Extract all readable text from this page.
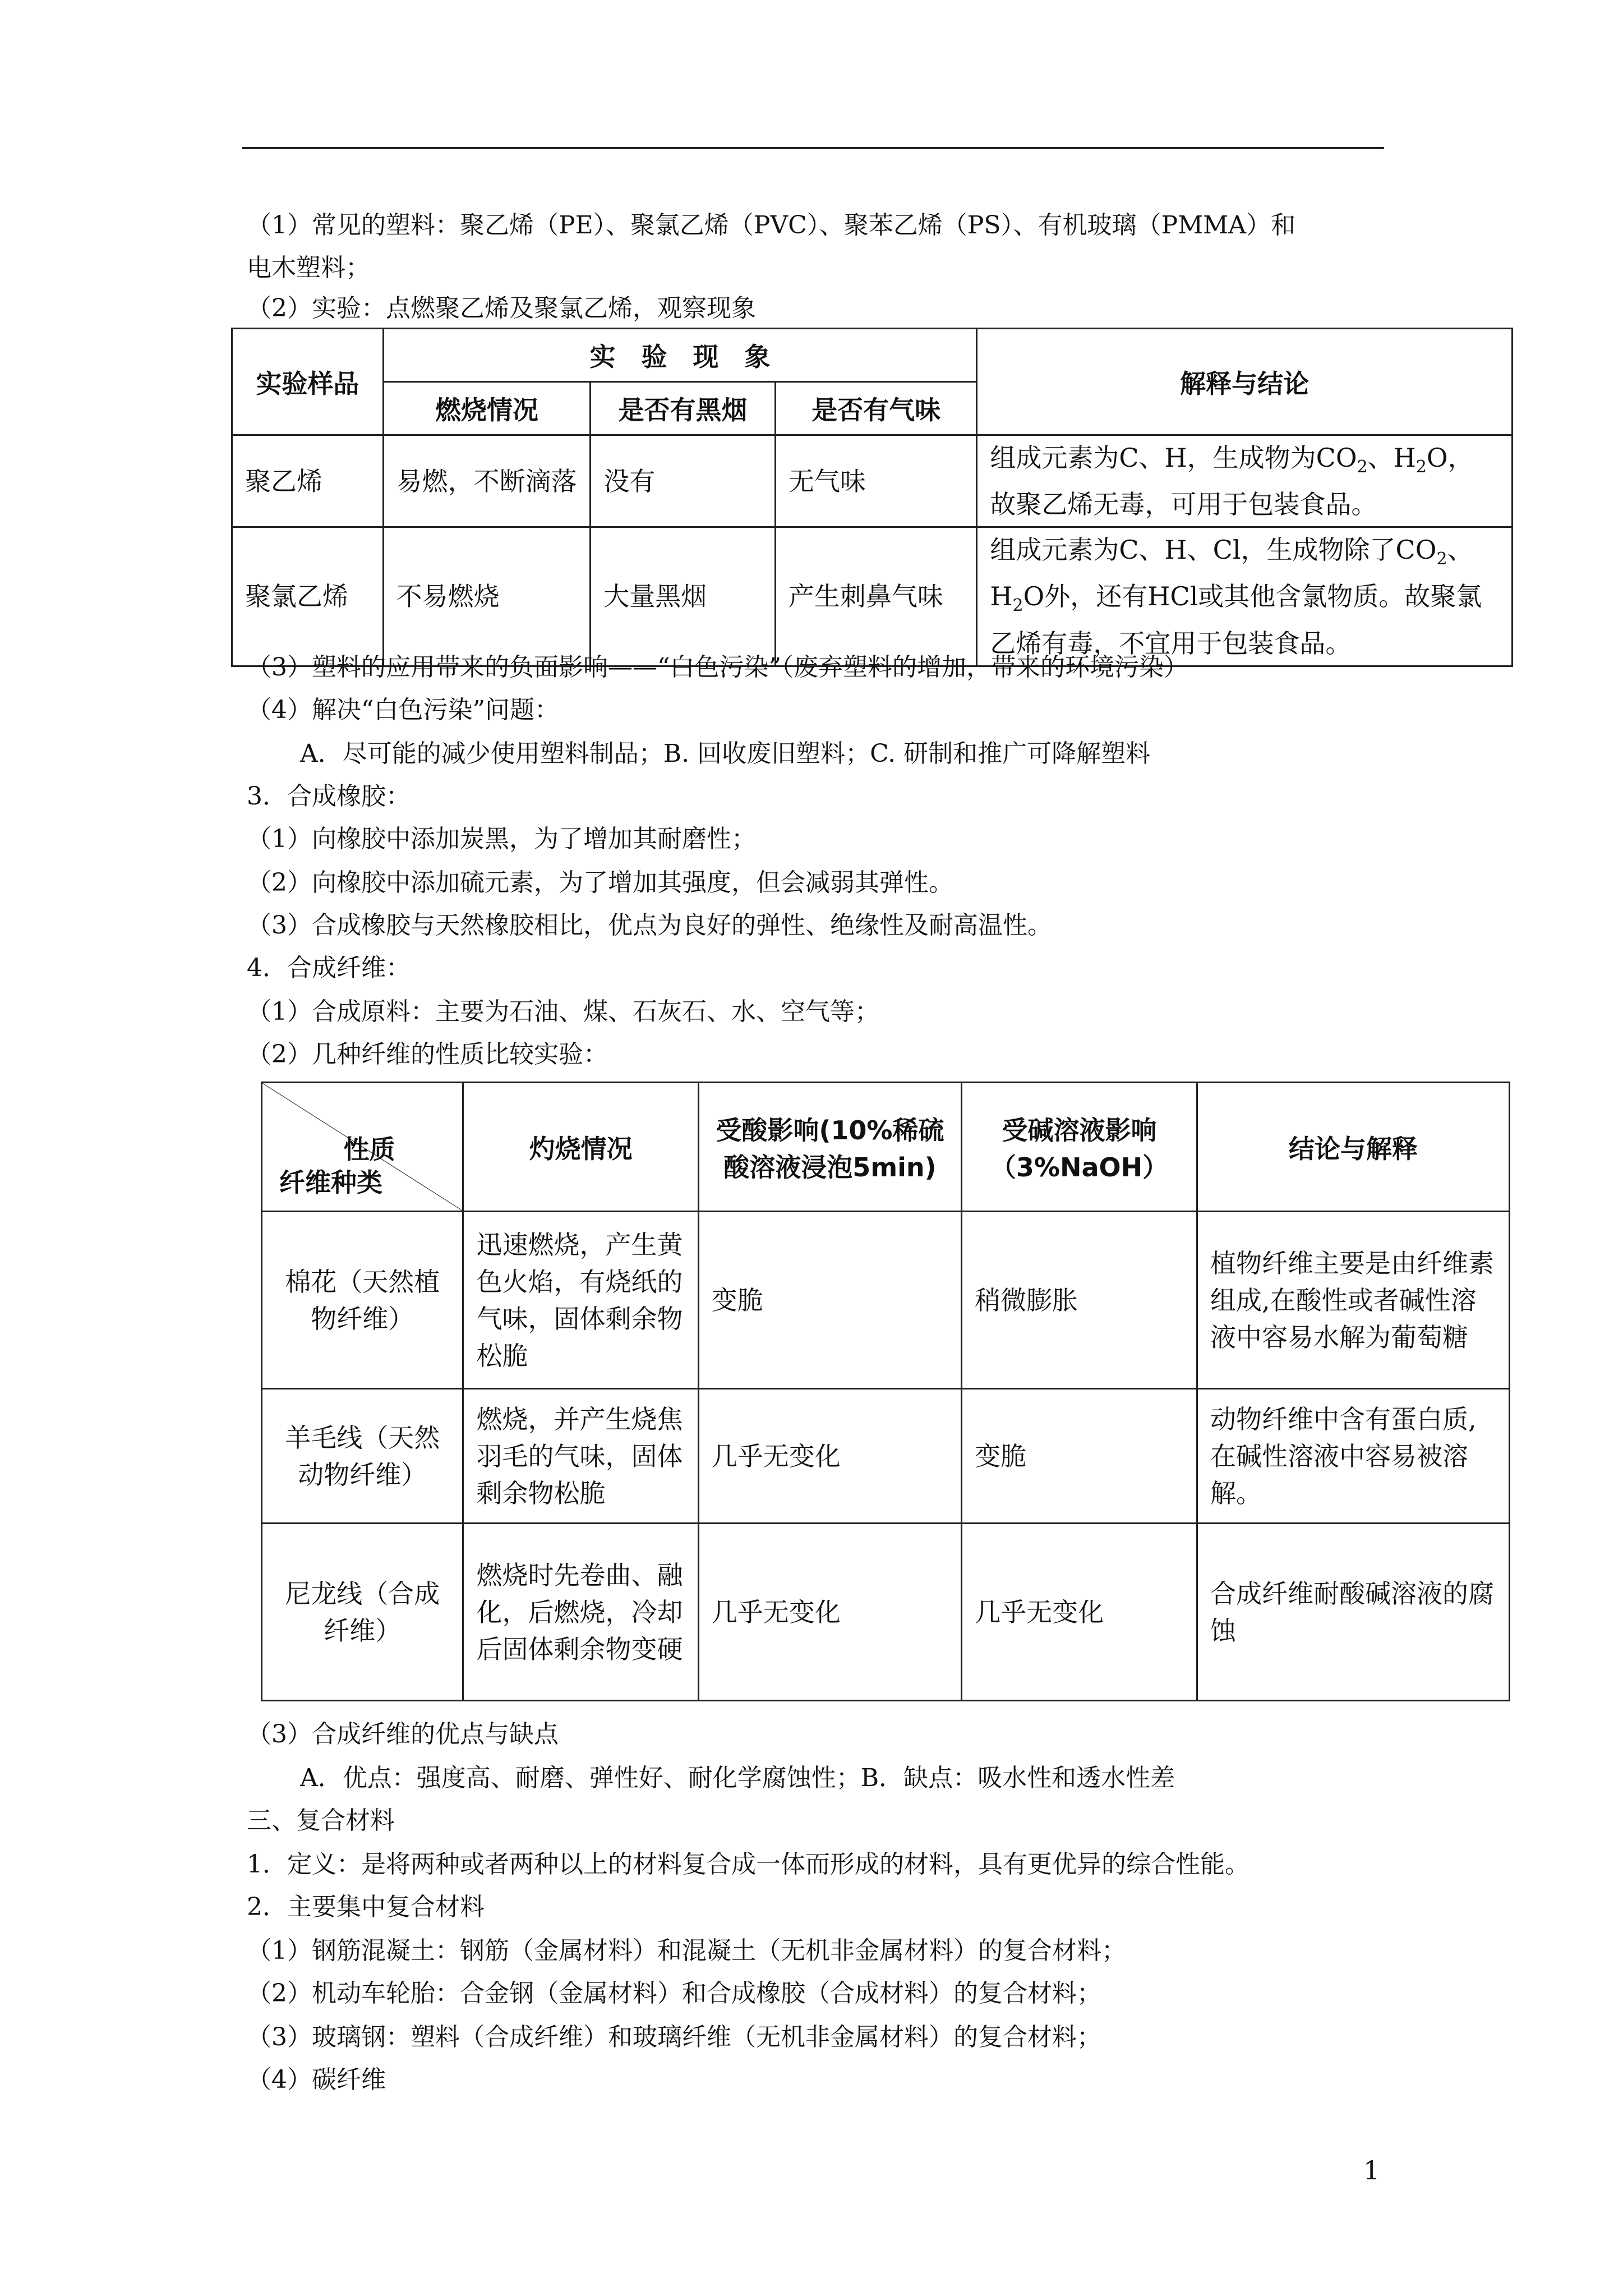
（1）常见的塑料：聚乙烯（PE）、聚氯乙烯（PVC）、聚苯乙烯（PS）、有机玻璃（PMMA）和
电木塑料；
（2）实验：点燃聚乙烯及聚氯乙烯，观察现象
实验样品	实　验　现　象			解释与结论
	燃烧情况	是否有黑烟	是否有气味	
聚乙烯	易燃，不断滴落	没有	无气味	组成元素为C、H，生成物为$CO_2$、$H_2O$，故聚乙烯无毒，可用于包装食品。
聚氯乙烯	不易燃烧	大量黑烟	产生刺鼻气味	组成元素为C、H、Cl，生成物除了$CO_2$、$H_2O$外，还有HCl或其他含氯物质。故聚氯乙烯有毒，不宜用于包装食品。
（3）塑料的应用带来的负面影响——“白色污染”（废弃塑料的增加，带来的环境污染）
（4）解决“白色污染”问题：
A．尽可能的减少使用塑料制品；B. 回收废旧塑料；C. 研制和推广可降解塑料
3．合成橡胶：
（1）向橡胶中添加炭黑，为了增加其耐磨性；
（2）向橡胶中添加硫元素，为了增加其强度，但会减弱其弹性。
（3）合成橡胶与天然橡胶相比，优点为良好的弹性、绝缘性及耐高温性。
4．合成纤维：
（1）合成原料：主要为石油、煤、石灰石、水、空气等；
（2）几种纤维的性质比较实验：
性质
纤维种类	灼烧情况	受酸影响(10%稀硫酸溶液浸泡5min)	受碱溶液影响（3%NaOH）	结论与解释
棉花（天然植物纤维）	迅速燃烧，产生黄色火焰，有烧纸的气味，固体剩余物松脆	变脆	稍微膨胀	植物纤维主要是由纤维素组成,在酸性或者碱性溶液中容易水解为葡萄糖
羊毛线（天然动物纤维）	燃烧，并产生烧焦羽毛的气味，固体剩余物松脆	几乎无变化	变脆	动物纤维中含有蛋白质,在碱性溶液中容易被溶解。
尼龙线（合成纤维）	燃烧时先卷曲、融化，后燃烧，冷却后固体剩余物变硬	几乎无变化	几乎无变化	合成纤维耐酸碱溶液的腐蚀
（3）合成纤维的优点与缺点
A．优点：强度高、耐磨、弹性好、耐化学腐蚀性；B．缺点：吸水性和透水性差
三、复合材料
1．定义：是将两种或者两种以上的材料复合成一体而形成的材料，具有更优异的综合性能。
2．主要集中复合材料
（1）钢筋混凝土：钢筋（金属材料）和混凝土（无机非金属材料）的复合材料；
（2）机动车轮胎：合金钢（金属材料）和合成橡胶（合成材料）的复合材料；
（3）玻璃钢：塑料（合成纤维）和玻璃纤维（无机非金属材料）的复合材料；
（4）碳纤维
1
